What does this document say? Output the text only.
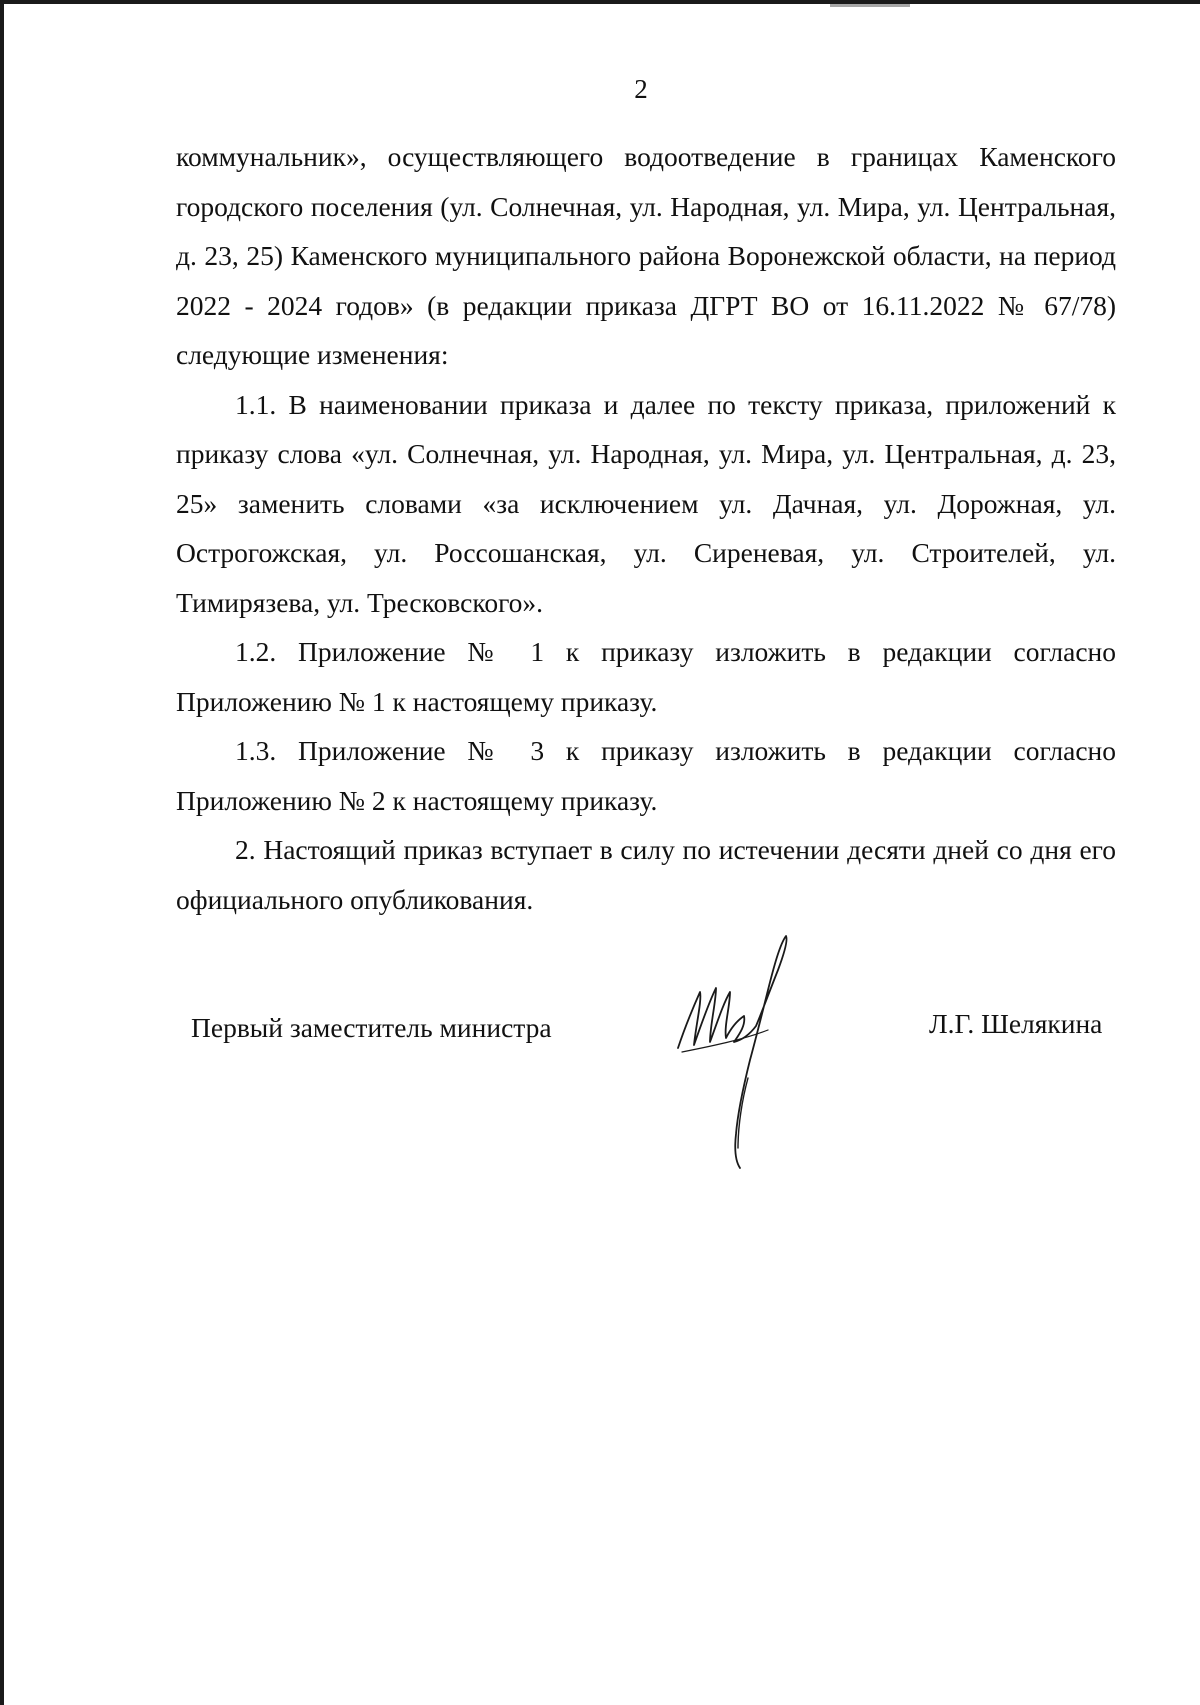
2

коммунальник», осуществляющего водоотведение в границах Каменского городского поселения (ул. Солнечная, ул. Народная, ул. Мира, ул. Центральная, д. 23, 25) Каменского муниципального района Воронежской области, на период 2022 - 2024 годов» (в редакции приказа ДГРТ ВО от 16.11.2022 № 67/78) следующие изменения:

1.1. В наименовании приказа и далее по тексту приказа, приложений к приказу слова «ул. Солнечная, ул. Народная, ул. Мира, ул. Центральная, д. 23, 25» заменить словами «за исключением ул. Дачная, ул. Дорожная, ул. Острогожская, ул. Россошанская, ул. Сиреневая, ул. Строителей, ул. Тимирязева, ул. Тресковского».

1.2. Приложение № 1 к приказу изложить в редакции согласно Приложению № 1 к настоящему приказу.

1.3. Приложение № 3 к приказу изложить в редакции согласно Приложению № 2 к настоящему приказу.

2. Настоящий приказ вступает в силу по истечении десяти дней со дня его официального опубликования.

Первый заместитель министра	Л.Г. Шелякина
